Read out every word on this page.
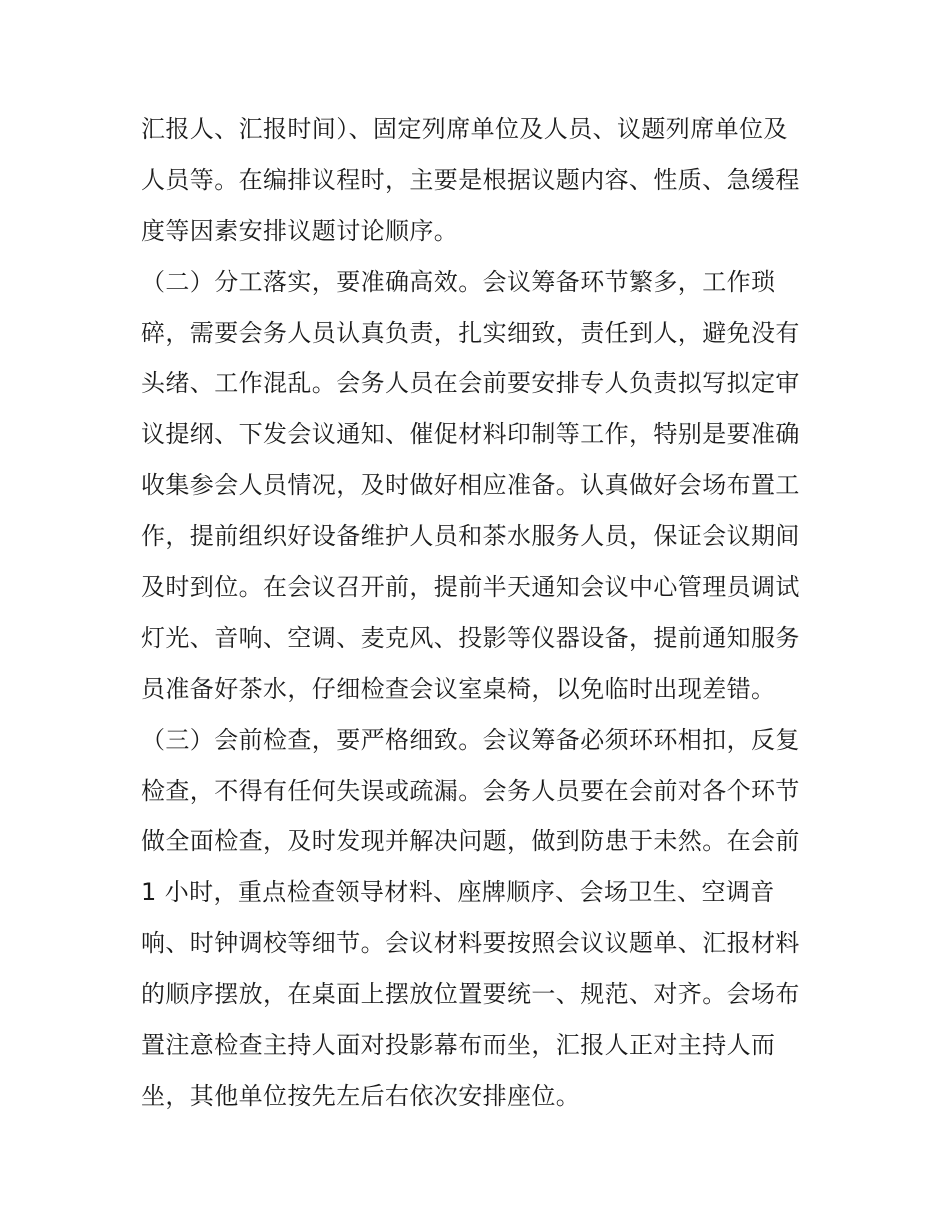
汇报人、汇报时间）、固定列席单位及人员、议题列席单位及
人员等。在编排议程时，主要是根据议题内容、性质、急缓程
度等因素安排议题讨论顺序。
（二）分工落实，要准确高效。会议筹备环节繁多，工作琐
碎，需要会务人员认真负责，扎实细致，责任到人，避免没有
头绪、工作混乱。会务人员在会前要安排专人负责拟写拟定审
议提纲、下发会议通知、催促材料印制等工作，特别是要准确
收集参会人员情况，及时做好相应准备。认真做好会场布置工
作，提前组织好设备维护人员和茶水服务人员，保证会议期间
及时到位。在会议召开前，提前半天通知会议中心管理员调试
灯光、音响、空调、麦克风、投影等仪器设备，提前通知服务
员准备好茶水，仔细检查会议室桌椅，以免临时出现差错。
（三）会前检查，要严格细致。会议筹备必须环环相扣，反复
检查，不得有任何失误或疏漏。会务人员要在会前对各个环节
做全面检查，及时发现并解决问题，做到防患于未然。在会前
1 小时，重点检查领导材料、座牌顺序、会场卫生、空调音
响、时钟调校等细节。会议材料要按照会议议题单、汇报材料
的顺序摆放，在桌面上摆放位置要统一、规范、对齐。会场布
置注意检查主持人面对投影幕布而坐，汇报人正对主持人而
坐，其他单位按先左后右依次安排座位。
